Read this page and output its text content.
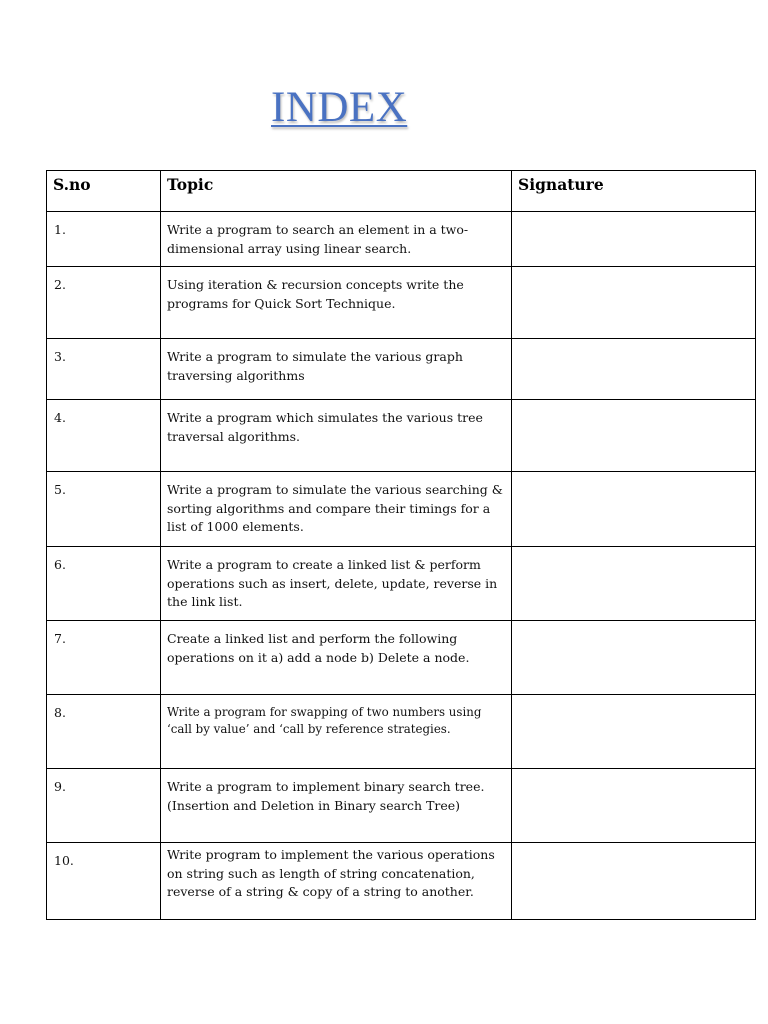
INDEX
S.no	Topic	Signature

1.	Write a program to search an element in a two-dimensional array using linear search.	

2.	Using iteration & recursion concepts write the programs for Quick Sort Technique.	

3.	Write a program to simulate the various graph traversing algorithms	

4.	Write a program which simulates the various tree traversal algorithms.	

5.	Write a program to simulate the various searching & sorting algorithms and compare their timings for a list of 1000 elements.	

6.	Write a program to create a linked list & perform operations such as insert, delete, update, reverse in the link list.	

7.	Create a linked list and perform the following operations on it a) add a node b) Delete a node.	

8.	Write a program for swapping of two numbers using ‘call by value’ and ‘call by reference strategies.	

9.	Write a program to implement binary search tree. (Insertion and Deletion in Binary search Tree)	

10.	Write program to implement the various operations on string such as length of string concatenation, reverse of a string & copy of a string to another.	
